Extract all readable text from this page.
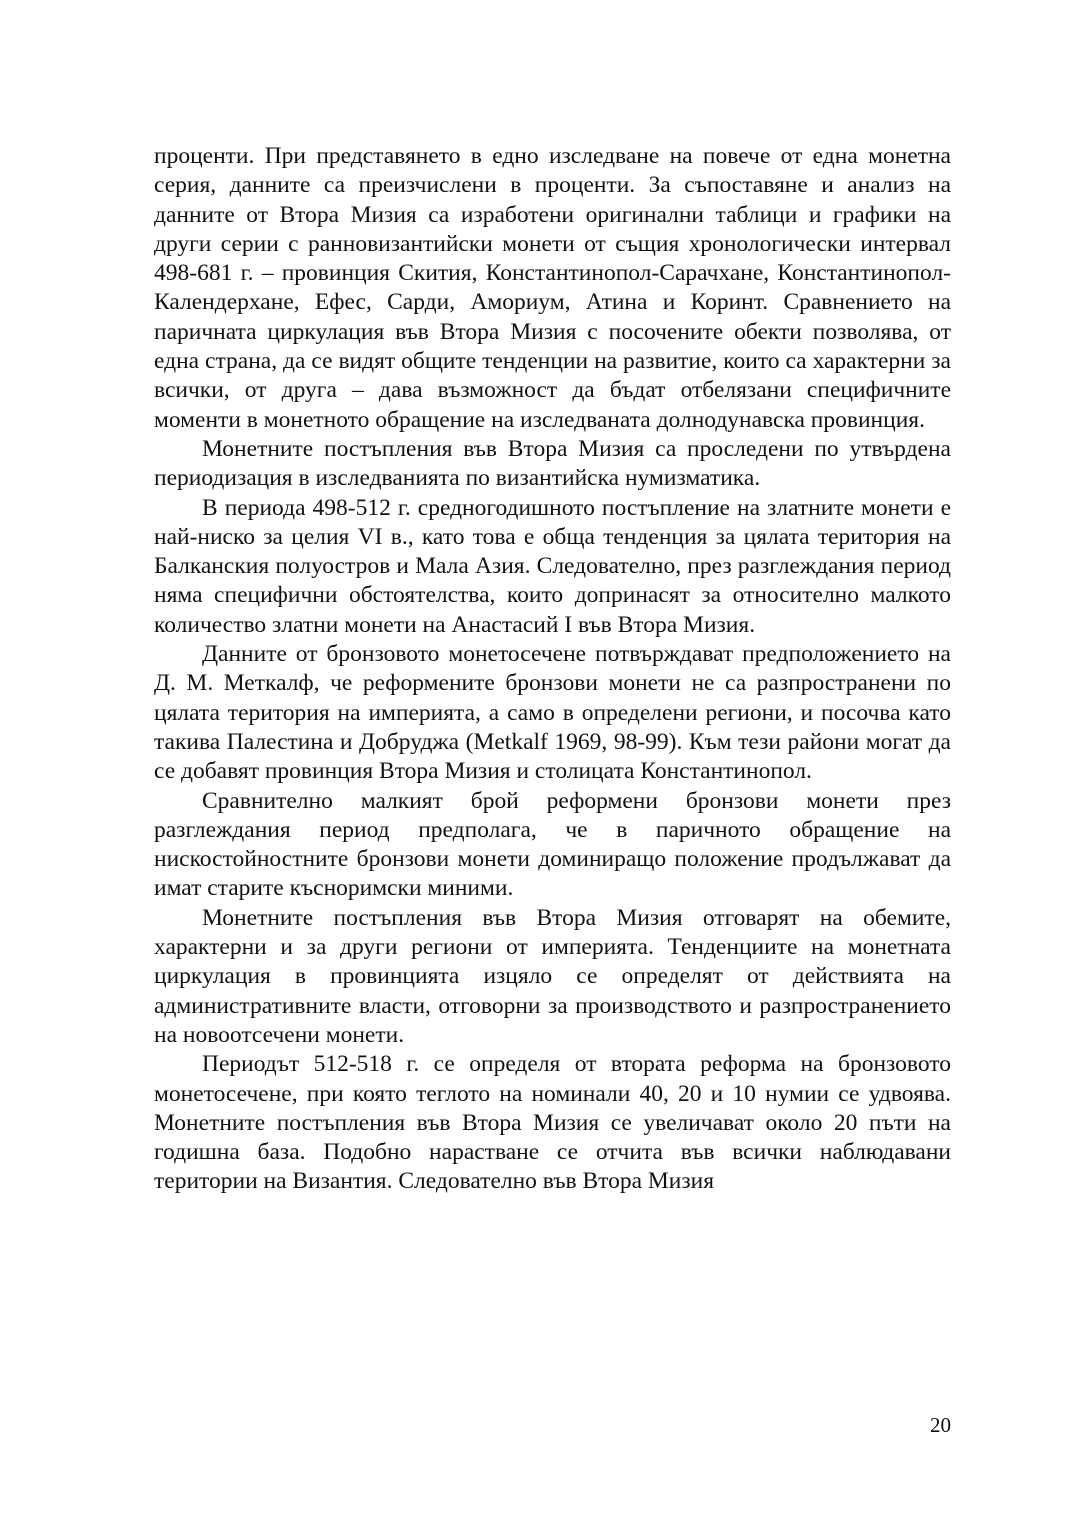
проценти. При представянето в едно изследване на повече от една монетна серия, данните са преизчислени в проценти. За съпоставяне и анализ на данните от Втора Мизия са изработени оригинални таблици и графики на други серии с ранновизантийски монети от същия хронологически интервал 498-681 г. – провинция Скития, Константинопол-Сарачхане, Константинопол-Календерхане, Ефес, Сарди, Амориум, Атина и Коринт. Сравнението на паричната циркулация във Втора Мизия с посочените обекти позволява, от една страна, да се видят общите тенденции на развитие, които са характерни за всички, от друга – дава възможност да бъдат отбелязани специфичните моменти в монетното обращение на изследваната долнодунавска провинция.

Монетните постъпления във Втора Мизия са проследени по утвърдена периодизация в изследванията по византийска нумизматика.

В периода 498-512 г. средногодишното постъпление на златните монети е най-ниско за целия VI в., като това е обща тенденция за цялата територия на Балканския полуостров и Мала Азия. Следователно, през разглеждания период няма специфични обстоятелства, които допринасят за относително малкото количество златни монети на Анастасий I във Втора Мизия.

Данните от бронзовото монетосечене потвърждават предположението на Д. М. Меткалф, че реформените бронзови монети не са разпространени по цялата територия на империята, а само в определени региони, и посочва като такива Палестина и Добруджа (Metkalf 1969, 98-99). Към тези райони могат да се добавят провинция Втора Мизия и столицата Константинопол.

Сравнително малкият брой реформени бронзови монети през разглеждания период предполага, че в паричното обращение на нискостойностните бронзови монети доминиращо положение продължават да имат старите късноримски миними.

Монетните постъпления във Втора Мизия отговарят на обемите, характерни и за други региони от империята. Тенденциите на монетната циркулация в провинцията изцяло се определят от действията на административните власти, отговорни за производството и разпространението на новоотсечени монети.

Периодът 512-518 г. се определя от втората реформа на бронзовото монетосечене, при която теглото на номинали 40, 20 и 10 нумии се удвоява. Монетните постъпления във Втора Мизия се увеличават около 20 пъти на годишна база. Подобно нарастване се отчита във всички наблюдавани територии на Византия. Следователно във Втора Мизия

20
